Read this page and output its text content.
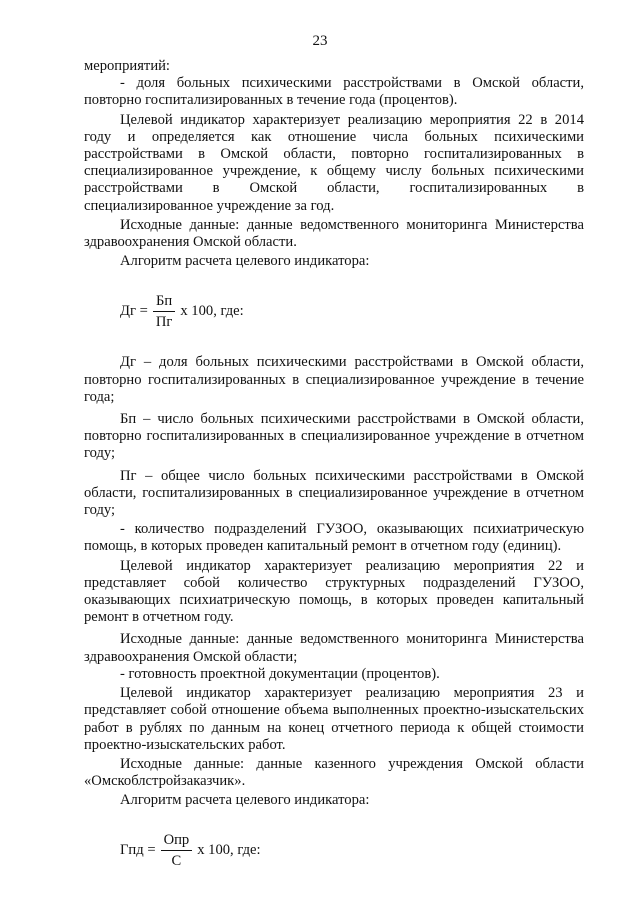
23

мероприятий:

- доля больных психическими расстройствами в Омской области, повторно госпитализированных в течение года (процентов).

Целевой индикатор характеризует реализацию мероприятия 22 в 2014 году и определяется как отношение числа больных психическими расстройствами в Омской области, повторно госпитализированных в специализированное учреждение, к общему числу больных психическими расстройствами в Омской области, госпитализированных в специализированное учреждение за год.

Исходные данные: данные ведомственного мониторинга Министерства здравоохранения Омской области.

Алгоритм расчета целевого индикатора:

Дг = $\frac{Бп}{Пг}$ х 100, где:

Дг – доля больных психическими расстройствами в Омской области, повторно госпитализированных в специализированное учреждение в течение года;

Бп – число больных психическими расстройствами в Омской области, повторно госпитализированных в специализированное учреждение в отчетном году;

Пг – общее число больных психическими расстройствами в Омской области, госпитализированных в специализированное учреждение в отчетном году;

- количество подразделений ГУЗОО, оказывающих психиатрическую помощь, в которых проведен капитальный ремонт в отчетном году (единиц).

Целевой индикатор характеризует реализацию мероприятия 22 и представляет собой количество структурных подразделений ГУЗОО, оказывающих психиатрическую помощь, в которых проведен капитальный ремонт в отчетном году.

Исходные данные: данные ведомственного мониторинга Министерства здравоохранения Омской области;

- готовность проектной документации (процентов).

Целевой индикатор характеризует реализацию мероприятия 23 и представляет собой отношение объема выполненных проектно-изыскательских работ в рублях по данным на конец отчетного периода к общей стоимости проектно-изыскательских работ.

Исходные данные: данные казенного учреждения Омской области «Омскоблстройзаказчик».

Алгоритм расчета целевого индикатора:

Гпд = $\frac{\text{Опр}}{С}$ х 100, где:
